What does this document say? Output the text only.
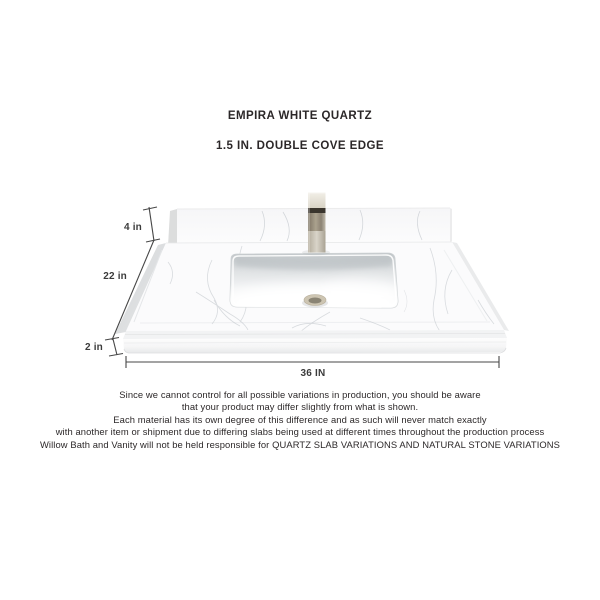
EMPIRA WHITE QUARTZ
1.5 IN. DOUBLE COVE EDGE
4 in
22 in
2 in
36 IN
Since we cannot control for all possible variations in production, you should be aware
that your product may differ slightly from what is shown.
Each material has its own degree of this difference and as such will never match exactly
with another item or shipment due to differing slabs being used at different times throughout the production process
Willow Bath and Vanity will not be held responsible for QUARTZ SLAB VARIATIONS AND NATURAL STONE VARIATIONS
